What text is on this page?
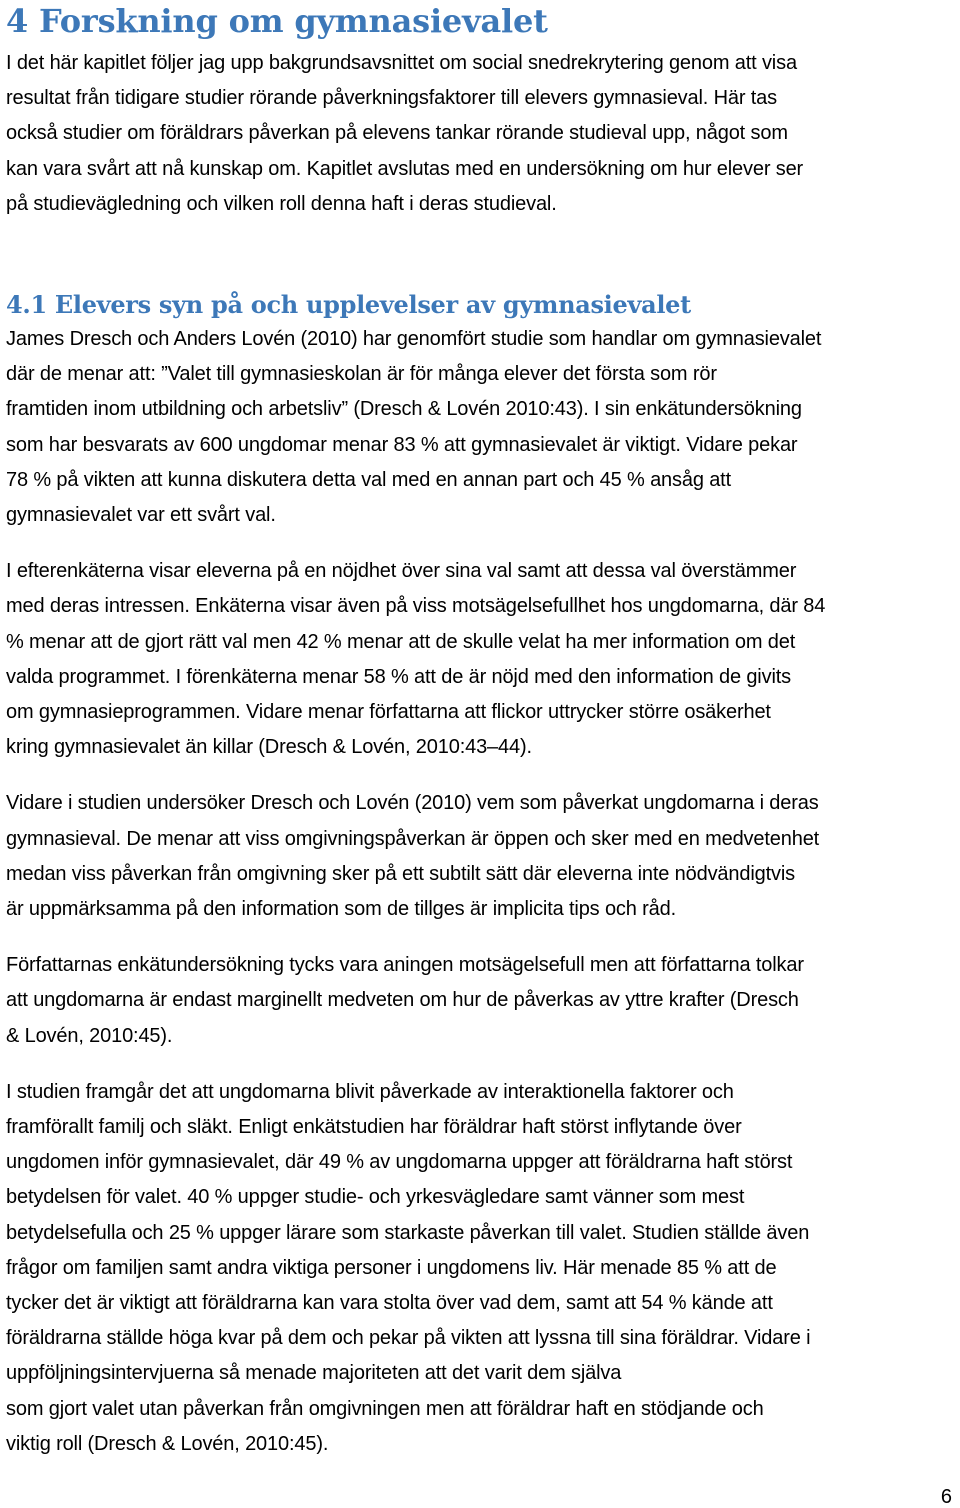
4 Forskning om gymnasievalet

I det här kapitlet följer jag upp bakgrundsavsnittet om social snedrekrytering genom att visa
resultat från tidigare studier rörande påverkningsfaktorer till elevers gymnasieval. Här tas
också studier om föräldrars påverkan på elevens tankar rörande studieval upp, något som
kan vara svårt att nå kunskap om. Kapitlet avslutas med en undersökning om hur elever ser
på studievägledning och vilken roll denna haft i deras studieval.

4.1 Elevers syn på och upplevelser av gymnasievalet

James Dresch och Anders Lovén (2010) har genomfört studie som handlar om gymnasievalet
där de menar att: ”Valet till gymnasieskolan är för många elever det första som rör
framtiden inom utbildning och arbetsliv” (Dresch & Lovén 2010:43). I sin enkätundersökning
som har besvarats av 600 ungdomar menar 83 % att gymnasievalet är viktigt. Vidare pekar
78 % på vikten att kunna diskutera detta val med en annan part och 45 % ansåg att
gymnasievalet var ett svårt val.

I efterenkäterna visar eleverna på en nöjdhet över sina val samt att dessa val överstämmer
med deras intressen. Enkäterna visar även på viss motsägelsefullhet hos ungdomarna, där 84
% menar att de gjort rätt val men 42 % menar att de skulle velat ha mer information om det
valda programmet. I förenkäterna menar 58 % att de är nöjd med den information de givits
om gymnasieprogrammen. Vidare menar författarna att flickor uttrycker större osäkerhet
kring gymnasievalet än killar (Dresch & Lovén, 2010:43–44).

Vidare i studien undersöker Dresch och Lovén (2010) vem som påverkat ungdomarna i deras
gymnasieval. De menar att viss omgivningspåverkan är öppen och sker med en medvetenhet
medan viss påverkan från omgivning sker på ett subtilt sätt där eleverna inte nödvändigtvis
är uppmärksamma på den information som de tillges är implicita tips och råd.

Författarnas enkätundersökning tycks vara aningen motsägelsefull men att författarna tolkar
att ungdomarna är endast marginellt medveten om hur de påverkas av yttre krafter (Dresch
& Lovén, 2010:45).

I studien framgår det att ungdomarna blivit påverkade av interaktionella faktorer och
framförallt familj och släkt. Enligt enkätstudien har föräldrar haft störst inflytande över
ungdomen inför gymnasievalet, där 49 % av ungdomarna uppger att föräldrarna haft störst
betydelsen för valet. 40 % uppger studie- och yrkesvägledare samt vänner som mest
betydelsefulla och 25 % uppger lärare som starkaste påverkan till valet. Studien ställde även
frågor om familjen samt andra viktiga personer i ungdomens liv. Här menade 85 % att de
tycker det är viktigt att föräldrarna kan vara stolta över vad dem, samt att 54 % kände att
föräldrarna ställde höga kvar på dem och pekar på vikten att lyssna till sina föräldrar. Vidare i
uppföljningsintervjuerna så menade majoriteten att det varit dem själva
som gjort valet utan påverkan från omgivningen men att föräldrar haft en stödjande och
viktig roll (Dresch & Lovén, 2010:45).

6
